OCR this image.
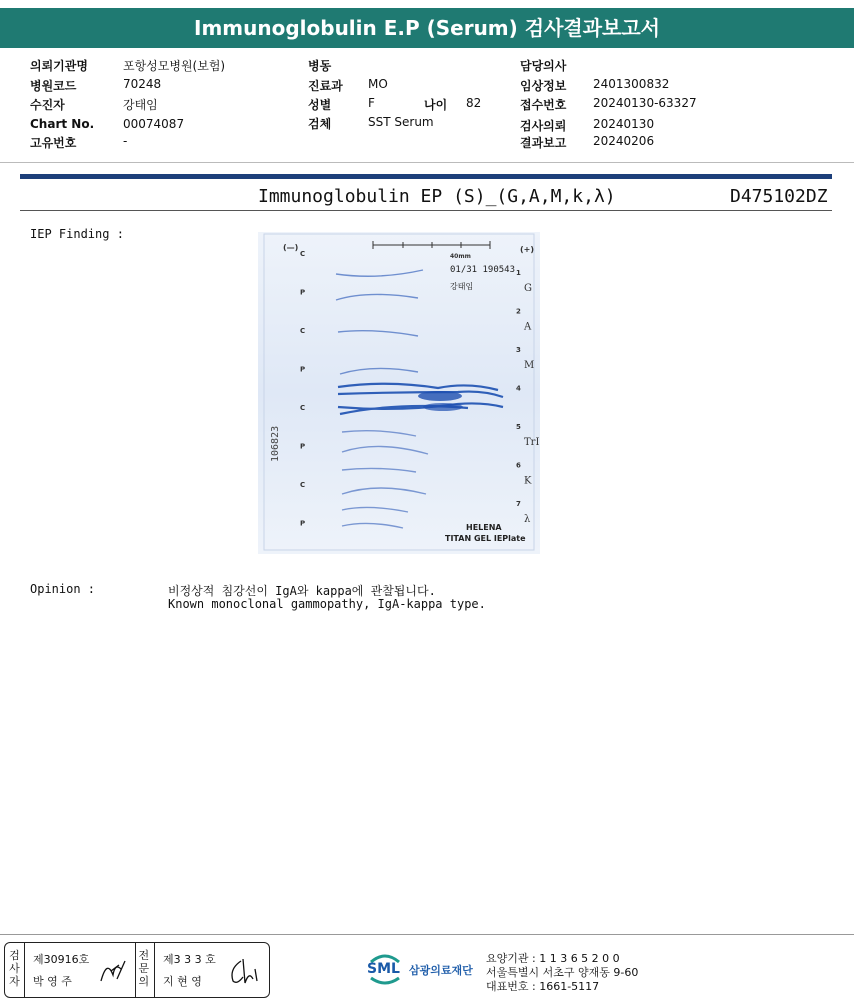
Immunoglobulin E.P (Serum) 검사결과보고서
의뢰기관명	포항성모병원(보험)
병원코드	70248
수진자	강태임
Chart No. 00074087
고유번호	-
병동
진료과 MO
성별	F	나이 82
검체	SST Serum
담당의사
임상정보 2401300832
접수번호 20240130-63327
검사의뢰 20240130
결과보고 20240206
Immunoglobulin EP (S)_(G,A,M,k,λ)	D475102DZ
IEP Finding :
(—)	(+)
40mm
01/31 190543
강태임
106823
C
P
C
P
C
P
C
P
1
2
3
4
5
6
7
G
A
M
TrI
K
λ
HELENA
TITAN GEL IEPlate
Opinion :	비정상적 침강선이 IgA와 kappa에 관찰됩니다.
Known monoclonal gammopathy, IgA-kappa type.
검사자
제30916호
박 영 주
전문의
제3 3 3 호
지 현 영
SML 삼광의료재단
요양기관 : 1 1 3 6 5 2 0 0
서울특별시 서초구 양재동 9-60
대표번호 : 1661-5117
